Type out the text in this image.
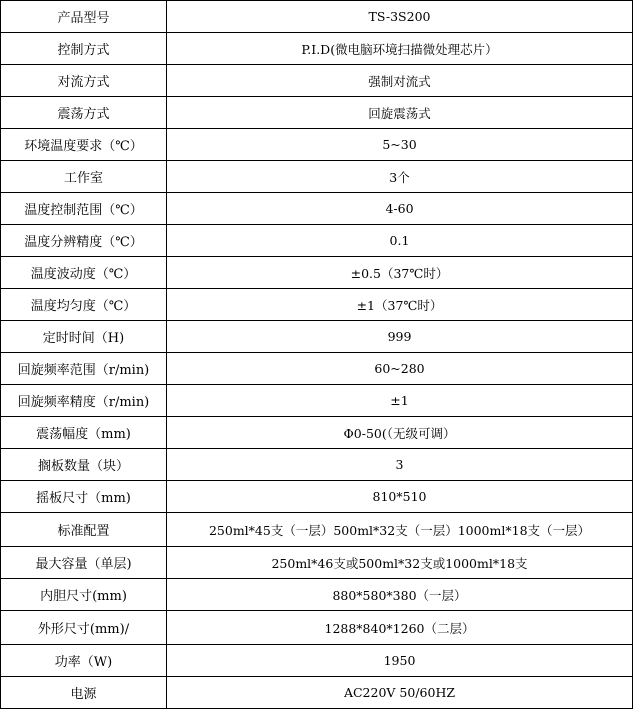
产品型号	TS-3S200
控制方式	P.I.D(微电脑环境扫描微处理芯片）
对流方式	强制对流式
震荡方式	回旋震荡式
环境温度要求（℃）	5~30
工作室	3个
温度控制范围（℃）	4-60
温度分辨精度（℃）	0.1
温度波动度（℃）	±0.5（37℃时）
温度均匀度（℃）	±1（37℃时）
定时时间（H)	999
回旋频率范围（r/min)	60~280
回旋频率精度（r/min)	±1
震荡幅度（mm)	Φ0-50(（无级可调）
搁板数量（块）	3
摇板尺寸（mm)	810*510
标准配置	250ml*45支（一层）500ml*32支（一层）1000ml*18支（一层）
最大容量（单层)	250ml*46支或500ml*32支或1000ml*18支
内胆尺寸(mm)	880*580*380（一层）
外形尺寸(mm)/	1288*840*1260（二层）
功率（W)	1950
电源	AC220V 50/60HZ
